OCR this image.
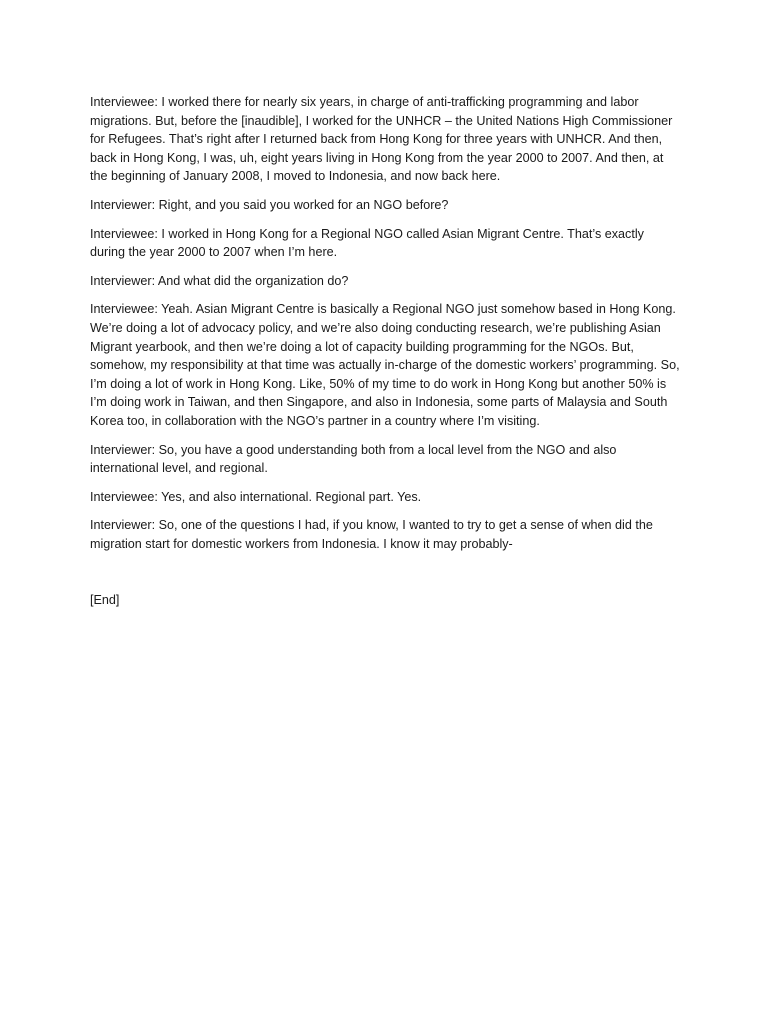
Interviewee: I worked there for nearly six years, in charge of anti-trafficking programming and labor migrations. But, before the [inaudible], I worked for the UNHCR – the United Nations High Commissioner for Refugees. That’s right after I returned back from Hong Kong for three years with UNHCR. And then, back in Hong Kong, I was, uh, eight years living in Hong Kong from the year 2000 to 2007. And then, at the beginning of January 2008, I moved to Indonesia, and now back here.

Interviewer: Right, and you said you worked for an NGO before?

Interviewee: I worked in Hong Kong for a Regional NGO called Asian Migrant Centre. That’s exactly during the year 2000 to 2007 when I’m here.

Interviewer: And what did the organization do?

Interviewee: Yeah. Asian Migrant Centre is basically a Regional NGO just somehow based in Hong Kong. We’re doing a lot of advocacy policy, and we’re also doing conducting research, we’re publishing Asian Migrant yearbook, and then we’re doing a lot of capacity building programming for the NGOs. But, somehow, my responsibility at that time was actually in-charge of the domestic workers’ programming. So, I’m doing a lot of work in Hong Kong. Like, 50% of my time to do work in Hong Kong but another 50% is I’m doing work in Taiwan, and then Singapore, and also in Indonesia, some parts of Malaysia and South Korea too, in collaboration with the NGO’s partner in a country where I’m visiting.

Interviewer: So, you have a good understanding both from a local level from the NGO and also international level, and regional.

Interviewee: Yes, and also international. Regional part. Yes.

Interviewer: So, one of the questions I had, if you know, I wanted to try to get a sense of when did the migration start for domestic workers from Indonesia. I know it may probably-

[End]
